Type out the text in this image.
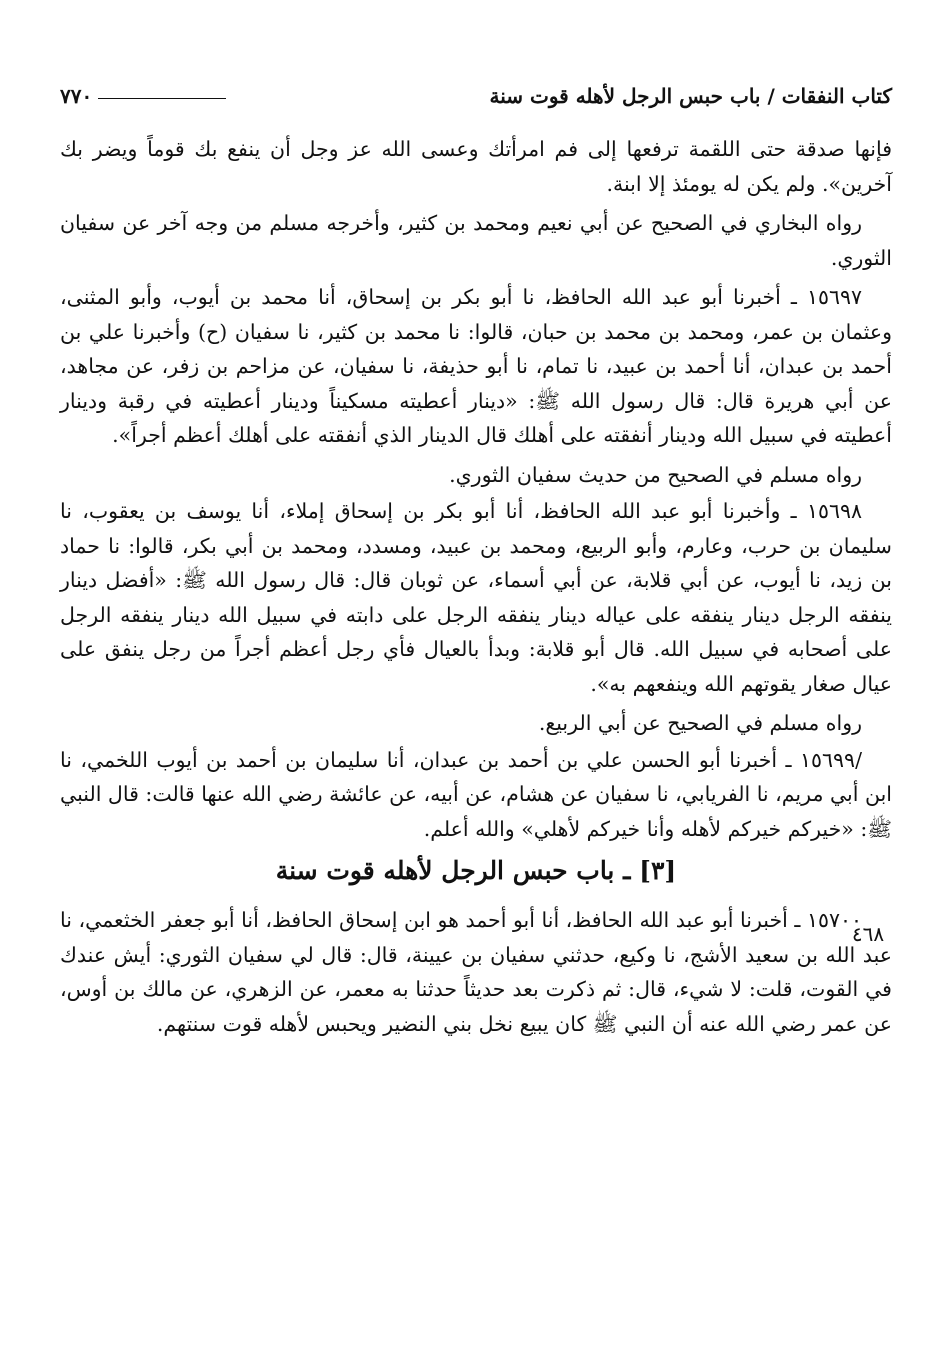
كتاب النفقات / باب حبس الرجل لأهله قوت سنة
٧٧٠

فإنها صدقة حتى اللقمة ترفعها إلى فم امرأتك وعسى الله عز وجل أن ينفع بك قوماً ويضر بك آخرين». ولم يكن له يومئذ إلا ابنة.

رواه البخاري في الصحيح عن أبي نعيم ومحمد بن كثير، وأخرجه مسلم من وجه آخر عن سفيان الثوري.

١٥٦٩٧ ـ أخبرنا أبو عبد الله الحافظ، نا أبو بكر بن إسحاق، أنا محمد بن أيوب، وأبو المثنى، وعثمان بن عمر، ومحمد بن محمد بن حبان، قالوا: نا محمد بن كثير، نا سفيان (ح) وأخبرنا علي بن أحمد بن عبدان، أنا أحمد بن عبيد، نا تمام، نا أبو حذيفة، نا سفيان، عن مزاحم بن زفر، عن مجاهد، عن أبي هريرة قال: قال رسول الله ﷺ: «دينار أعطيته مسكيناً ودينار أعطيته في رقبة ودينار أعطيته في سبيل الله ودينار أنفقته على أهلك قال الدينار الذي أنفقته على أهلك أعظم أجراً».

رواه مسلم في الصحيح من حديث سفيان الثوري.

١٥٦٩٨ ـ وأخبرنا أبو عبد الله الحافظ، أنا أبو بكر بن إسحاق إملاء، أنا يوسف بن يعقوب، نا سليمان بن حرب، وعارم، وأبو الربيع، ومحمد بن عبيد، ومسدد، ومحمد بن أبي بكر، قالوا: نا حماد بن زيد، نا أيوب، عن أبي قلابة، عن أبي أسماء، عن ثوبان قال: قال رسول الله ﷺ: «أفضل دينار ينفقه الرجل دينار ينفقه على عياله دينار ينفقه الرجل على دابته في سبيل الله دينار ينفقه الرجل على أصحابه في سبيل الله. قال أبو قلابة: وبدأ بالعيال فأي رجل أعظم أجراً من رجل ينفق على عيال صغار يقوتهم الله وينفعهم به».

رواه مسلم في الصحيح عن أبي الربيع.

/١٥٦٩٩ ـ أخبرنا أبو الحسن علي بن أحمد بن عبدان، أنا سليمان بن أحمد بن أيوب اللخمي، نا ابن أبي مريم، نا الفريابي، نا سفيان عن هشام، عن أبيه، عن عائشة رضي الله عنها قالت: قال النبي ﷺ: «خيركم خيركم لأهله وأنا خيركم لأهلي» والله أعلم.

[٣] ـ باب حبس الرجل لأهله قوت سنة

١٥٧٠٠ ـ أخبرنا أبو عبد الله الحافظ، أنا أبو أحمد هو ابن إسحاق الحافظ، أنا أبو جعفر الخثعمي، نا عبد الله بن سعيد الأشج، نا وكيع، حدثني سفيان بن عيينة، قال: قال لي سفيان الثوري: أيش عندك في القوت، قلت: لا شيء، قال: ثم ذكرت بعد حديثاً حدثنا به معمر، عن الزهري، عن مالك بن أوس، عن عمر رضي الله عنه أن النبي ﷺ كان يبيع نخل بني النضير ويحبس لأهله قوت سنتهم.

٤٦٨
